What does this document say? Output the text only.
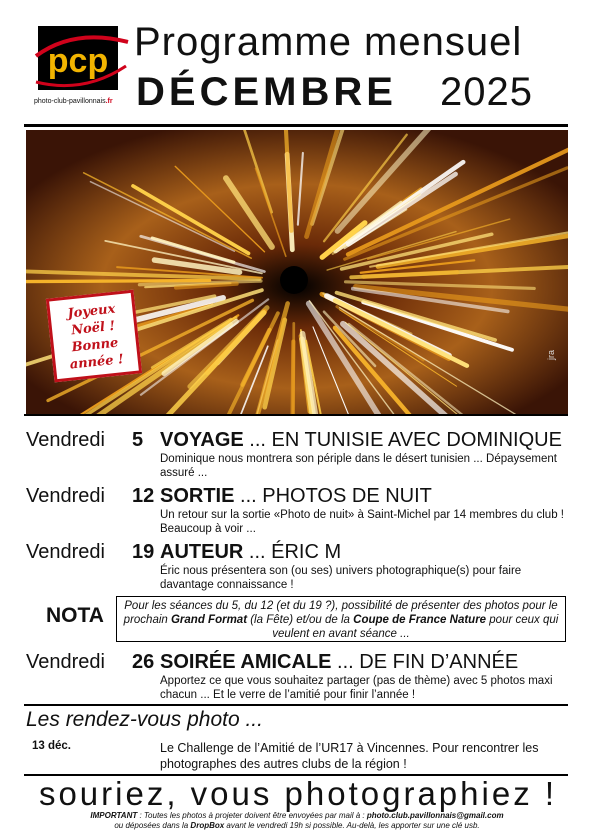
pcp
photo-club-pavillonnais.fr
Programme mensuel
DÉCEMBRE 2025
Joyeux
Noël !
Bonne
année !	jra
Vendredi 5 VOYAGE ... EN TUNISIE AVEC DOMINIQUE
Dominique nous montrera son périple dans le désert tunisien ... Dépaysement assuré ...
Vendredi 12 SORTIE ... PHOTOS DE NUIT
Un retour sur la sortie «Photo de nuit» à Saint-Michel par 14 membres du club ! Beaucoup à voir ...
Vendredi 19 AUTEUR ... ÉRIC M
Éric nous présentera son (ou ses) univers photographique(s) pour faire davantage connaissance !
NOTA	Pour les séances du 5, du 12 (et du 19 ?), possibilité de présenter des photos pour le prochain Grand Format (la Fête) et/ou de la Coupe de France Nature pour ceux qui veulent en avant séance ...
Vendredi 26 SOIRÉE AMICALE ... DE FIN D’ANNÉE
Apportez ce que vous souhaitez partager (pas de thème) avec 5 photos maxi chacun ... Et le verre de l’amitié pour finir l’année !
Les rendez-vous photo ...
13 déc.	Le Challenge de l’Amitié de l’UR17 à Vincennes. Pour rencontrer les photographes des autres clubs de la région !
souriez, vous photographiez !
IMPORTANT : Toutes les photos à projeter doivent être envoyées par mail à : photo.club.pavillonnais@gmail.com
ou déposées dans la DropBox avant le vendredi 19h si possible. Au-delà, les apporter sur une clé usb.
